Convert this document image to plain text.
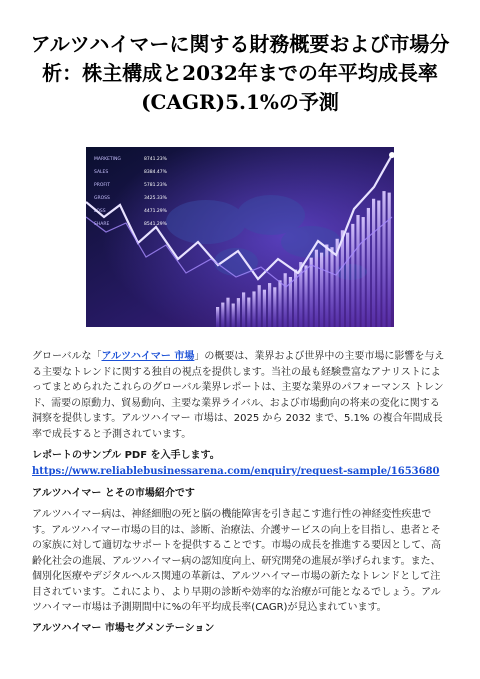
アルツハイマーに関する財務概要および市場分析：株主構成と2032年までの年平均成長率(CAGR)5.1%の予測
MARKETING	8741.23%
SALES	8384.47%
PROFIT	5781.23%
GROSS	3425.33%
LOSS	4471.29%
SHARE	8541.29%
グローバルな「アルツハイマー 市場」の概要は、業界および世界中の主要市場に影響を与える主要なトレンドに関する独自の視点を提供します。当社の最も経験豊富なアナリストによってまとめられたこれらのグローバル業界レポートは、主要な業界のパフォーマンス トレンド、需要の原動力、貿易動向、主要な業界ライバル、および市場動向の将来の変化に関する洞察を提供します。アルツハイマー 市場は、2025 から 2032 まで、5.1% の複合年間成長率で成長すると予測されています。
レポートのサンプル PDF を入手します。 https://www.reliablebusinessarena.com/enquiry/request-sample/1653680
アルツハイマー とその市場紹介です
アルツハイマー病は、神経細胞の死と脳の機能障害を引き起こす進行性の神経変性疾患です。アルツハイマー市場の目的は、診断、治療法、介護サービスの向上を目指し、患者とその家族に対して適切なサポートを提供することです。市場の成長を推進する要因として、高齢化社会の進展、アルツハイマー病の認知度向上、研究開発の進展が挙げられます。また、個別化医療やデジタルヘルス関連の革新は、アルツハイマー市場の新たなトレンドとして注目されています。これにより、より早期の診断や効率的な治療が可能となるでしょう。アルツハイマー市場は予測期間中に%の年平均成長率(CAGR)が見込まれています。
アルツハイマー 市場セグメンテーション
